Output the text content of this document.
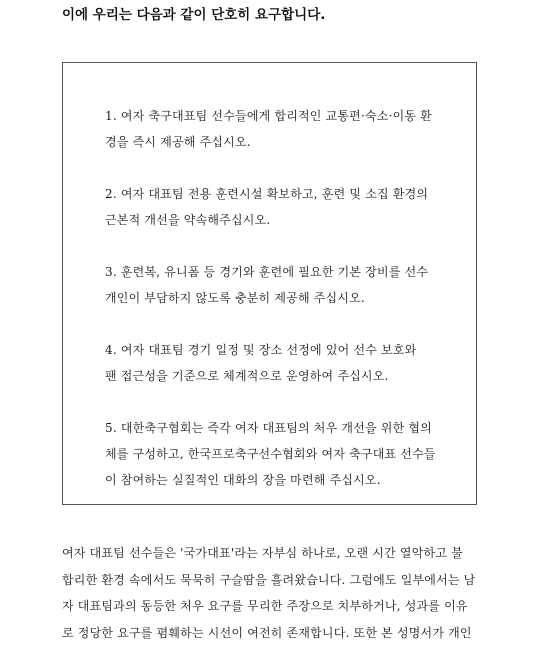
이에 우리는 다음과 같이 단호히 요구합니다.
1. 여자 축구대표팀 선수들에게 합리적인 교통편·숙소·이동 환
경을 즉시 제공해 주십시오.
2. 여자 대표팀 전용 훈련시설 확보하고, 훈련 및 소집 환경의
근본적 개선을 약속해주십시오.
3. 훈련복, 유니폼 등 경기와 훈련에 필요한 기본 장비를 선수
개인이 부담하지 않도록 충분히 제공해 주십시오.
4. 여자 대표팀 경기 일정 및 장소 선정에 있어 선수 보호와
팬 접근성을 기준으로 체계적으로 운영하여 주십시오.
5. 대한축구협회는 즉각 여자 대표팀의 처우 개선을 위한 협의
체를 구성하고, 한국프로축구선수협회와 여자 축구대표 선수들
이 참여하는 실질적인 대화의 장을 마련해 주십시오.

여자 대표팀 선수들은 '국가대표'라는 자부심 하나로, 오랜 시간 열악하고 불
합리한 환경 속에서도 묵묵히 구슬땀을 흘려왔습니다. 그럼에도 일부에서는 남
자 대표팀과의 동등한 처우 요구를 무리한 주장으로 치부하거나, 성과를 이유
로 정당한 요구를 폄훼하는 시선이 여전히 존재합니다. 또한 본 성명서가 개인
